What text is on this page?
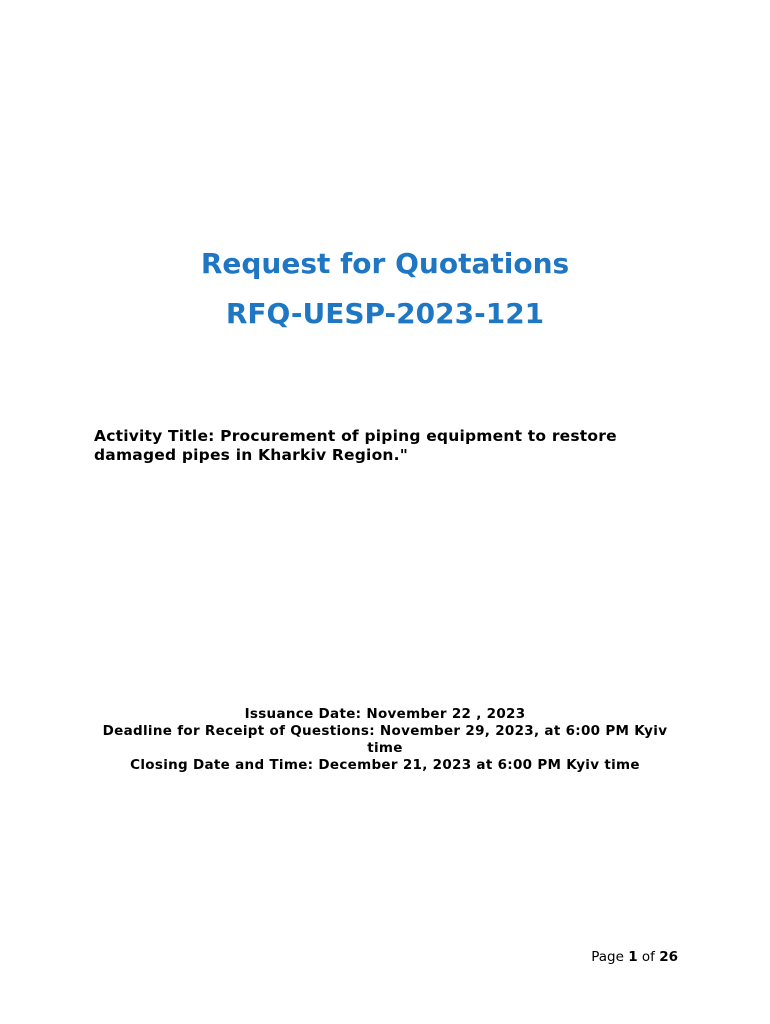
Request for Quotations
RFQ-UESP-2023-121

Activity Title: Procurement of piping equipment to restore damaged pipes in Kharkiv Region."

Issuance Date: November 22 , 2023

Deadline for Receipt of Questions: November 29, 2023, at 6:00 PM Kyiv time

Closing Date and Time: December 21, 2023 at 6:00 PM Kyiv time

Page 1 of 26
